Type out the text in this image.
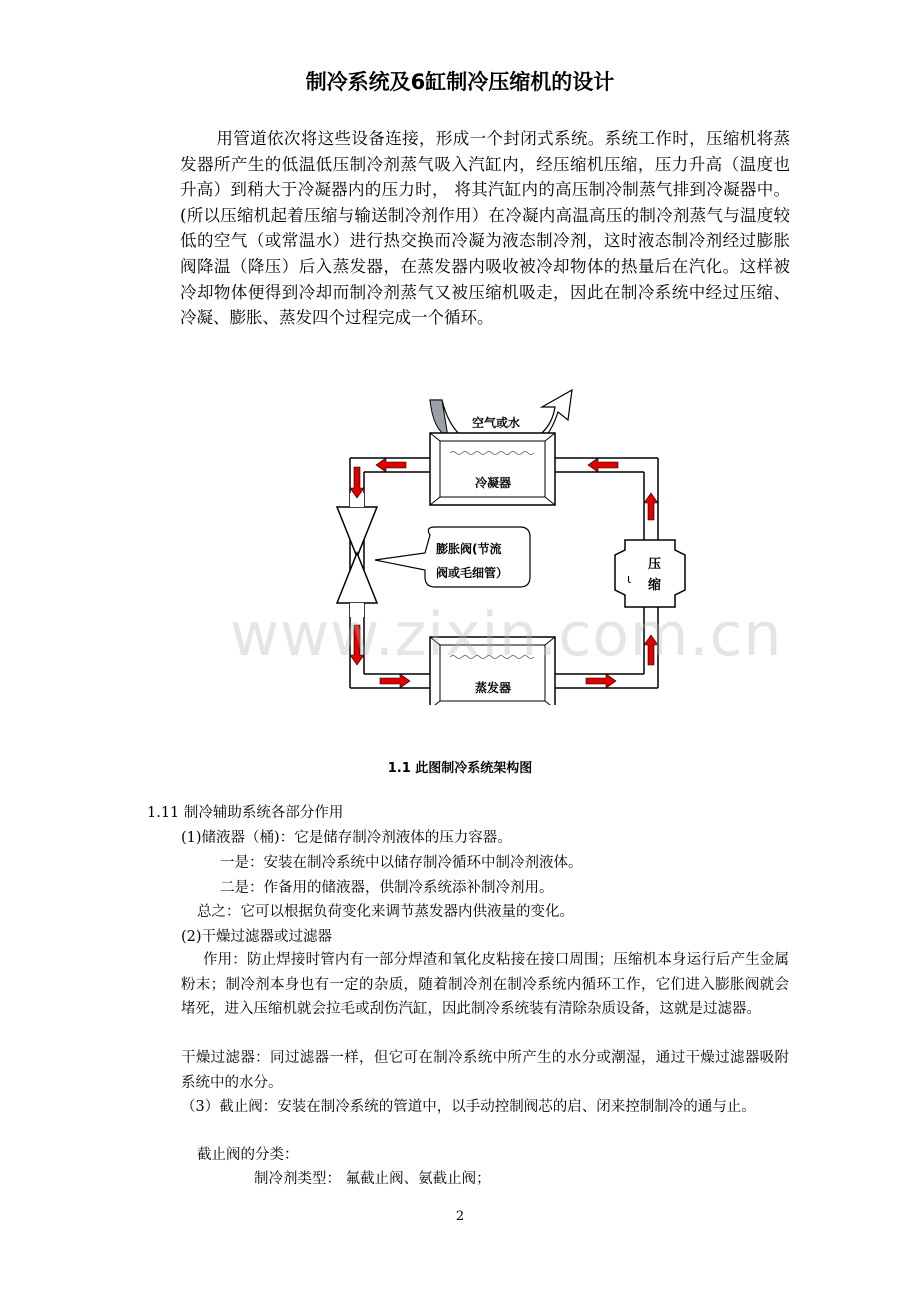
制冷系统及6缸制冷压缩机的设计

用管道依次将这些设备连接，形成一个封闭式系统。系统工作时，压缩机将蒸发器所产生的低温低压制冷剂蒸气吸入汽缸内，经压缩机压缩，压力升高（温度也升高）到稍大于冷凝器内的压力时， 将其汽缸内的高压制冷制蒸气排到冷凝器中。(所以压缩机起着压缩与输送制冷剂作用）在冷凝内高温高压的制冷剂蒸气与温度较低的空气（或常温水）进行热交换而冷凝为液态制冷剂，这时液态制冷剂经过膨胀阀降温（降压）后入蒸发器，在蒸发器内吸收被冷却物体的热量后在汽化。这样被冷却物体便得到冷却而制冷剂蒸气又被压缩机吸走，因此在制冷系统中经过压缩、冷凝、膨胀、蒸发四个过程完成一个循环。

空气或水
冷凝器
蒸发器
膨胀阀(节流
阀或毛细管）	ι
压
缩
www.zixin.com.cn
1.1 此图制冷系统架构图

1.11 制冷辅助系统各部分作用

(1)储液器（桶)：它是储存制冷剂液体的压力容器。

一是：安装在制冷系统中以储存制冷循环中制冷剂液体。

二是：作备用的储液器，供制冷系统添补制冷剂用。

总之：它可以根据负荷变化来调节蒸发器内供液量的变化。

(2)干燥过滤器或过滤器

作用：防止焊接时管内有一部分焊渣和氧化皮粘接在接口周围；压缩机本身运行后产生金属粉末；制冷剂本身也有一定的杂质，随着制冷剂在制冷系统内循环工作，它们进入膨胀阀就会堵死，进入压缩机就会拉毛或刮伤汽缸，因此制冷系统装有清除杂质设备，这就是过滤器。

干燥过滤器：同过滤器一样，但它可在制冷系统中所产生的水分或潮湿，通过干燥过滤器吸附系统中的水分。

（3）截止阀：安装在制冷系统的管道中，以手动控制阀芯的启、闭来控制制冷的通与止。

截止阀的分类：

制冷剂类型： 氟截止阀、氨截止阀；

2
